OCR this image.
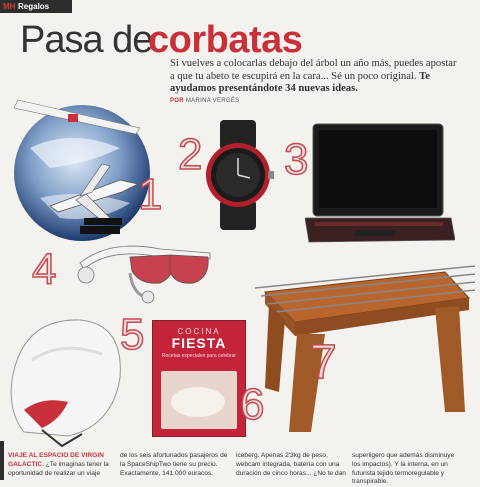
MH Regalos
Pasa de
corbatas
Si vuelves a colocarlas debajo del árbol un año más, puedes apostar a que tu abeto te escupirá en la cara... Sé un poco original. Te ayudamos presentándote 34 nuevas ideas.
POR MARINA VERGÉS
COCINA
FIESTA
Recetas especiales para celebrar
1
2 3
4
5
6
7
VIAJE AL ESPACIO DE VIRGIN GALACTIC. ¿Te imaginas tener la oportunidad de realizar un viaje
de los seis afortunados pasajeros de la SpaceShipTwo tiene su precio. Exactamente, 141.000 euracos.
iceberg. Apenas 2'3kg de peso, webcam integrada, batería con una duración de cinco horas... ¿No te dan
superligero que además disminuye los impactos). Y la interna, en un futurista tejido termoregulable y transpirable.
